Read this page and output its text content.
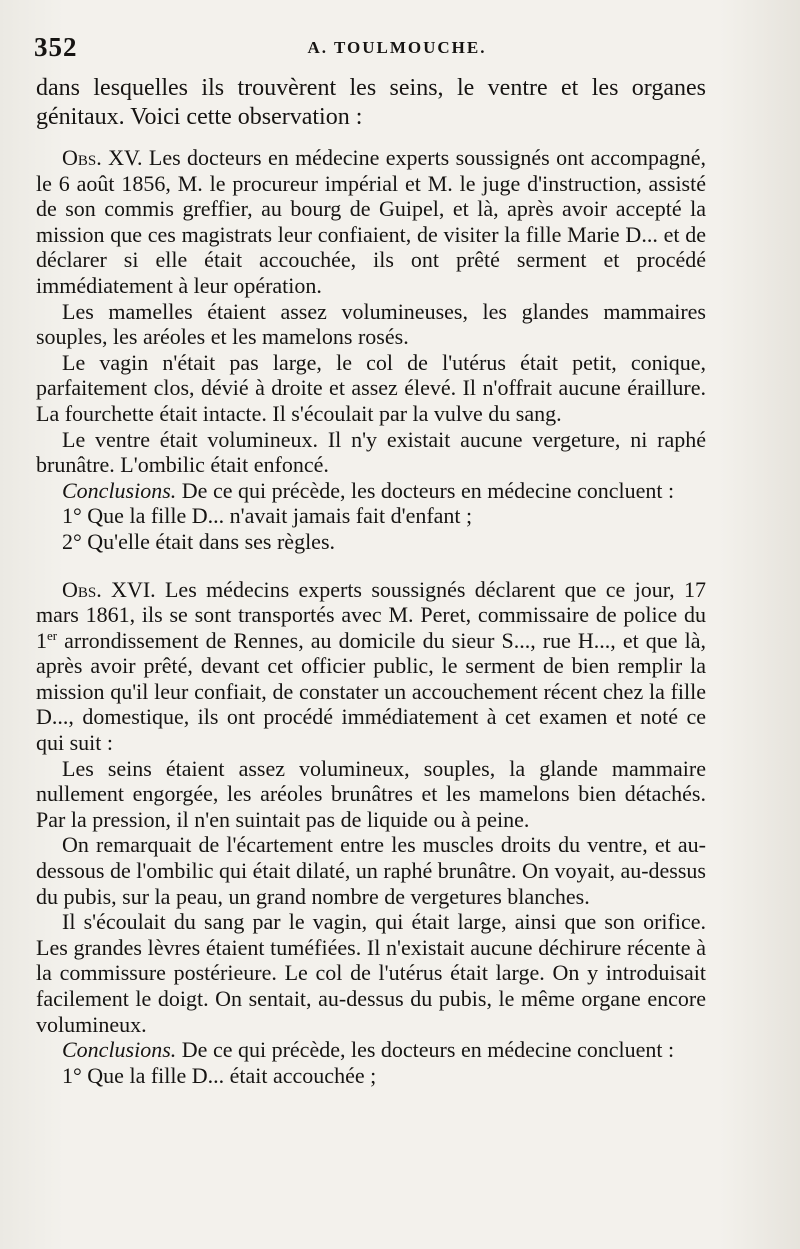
352	A. TOULMOUCHE.

dans lesquelles ils trouvèrent les seins, le ventre et les organes génitaux. Voici cette observation :

Obs. XV. Les docteurs en médecine experts soussignés ont accompagné, le 6 août 1856, M. le procureur impérial et M. le juge d'instruction, assisté de son commis greffier, au bourg de Guipel, et là, après avoir accepté la mission que ces magistrats leur confiaient, de visiter la fille Marie D... et de déclarer si elle était accouchée, ils ont prêté serment et procédé immédiatement à leur opération.

Les mamelles étaient assez volumineuses, les glandes mammaires souples, les aréoles et les mamelons rosés.

Le vagin n'était pas large, le col de l'utérus était petit, conique, parfaitement clos, dévié à droite et assez élevé. Il n'offrait aucune éraillure. La fourchette était intacte. Il s'écoulait par la vulve du sang.

Le ventre était volumineux. Il n'y existait aucune vergeture, ni raphé brunâtre. L'ombilic était enfoncé.

Conclusions. De ce qui précède, les docteurs en médecine concluent :

1° Que la fille D... n'avait jamais fait d'enfant ;

2° Qu'elle était dans ses règles.

Obs. XVI. Les médecins experts soussignés déclarent que ce jour, 17 mars 1861, ils se sont transportés avec M. Peret, commissaire de police du 1er arrondissement de Rennes, au domicile du sieur S..., rue H..., et que là, après avoir prêté, devant cet officier public, le serment de bien remplir la mission qu'il leur confiait, de constater un accouchement récent chez la fille D..., domestique, ils ont procédé immédiatement à cet examen et noté ce qui suit :

Les seins étaient assez volumineux, souples, la glande mammaire nullement engorgée, les aréoles brunâtres et les mamelons bien détachés. Par la pression, il n'en suintait pas de liquide ou à peine.

On remarquait de l'écartement entre les muscles droits du ventre, et au-dessous de l'ombilic qui était dilaté, un raphé brunâtre. On voyait, au-dessus du pubis, sur la peau, un grand nombre de vergetures blanches.

Il s'écoulait du sang par le vagin, qui était large, ainsi que son orifice. Les grandes lèvres étaient tuméfiées. Il n'existait aucune déchirure récente à la commissure postérieure. Le col de l'utérus était large. On y introduisait facilement le doigt. On sentait, au-dessus du pubis, le même organe encore volumineux.

Conclusions. De ce qui précède, les docteurs en médecine concluent :

1° Que la fille D... était accouchée ;
